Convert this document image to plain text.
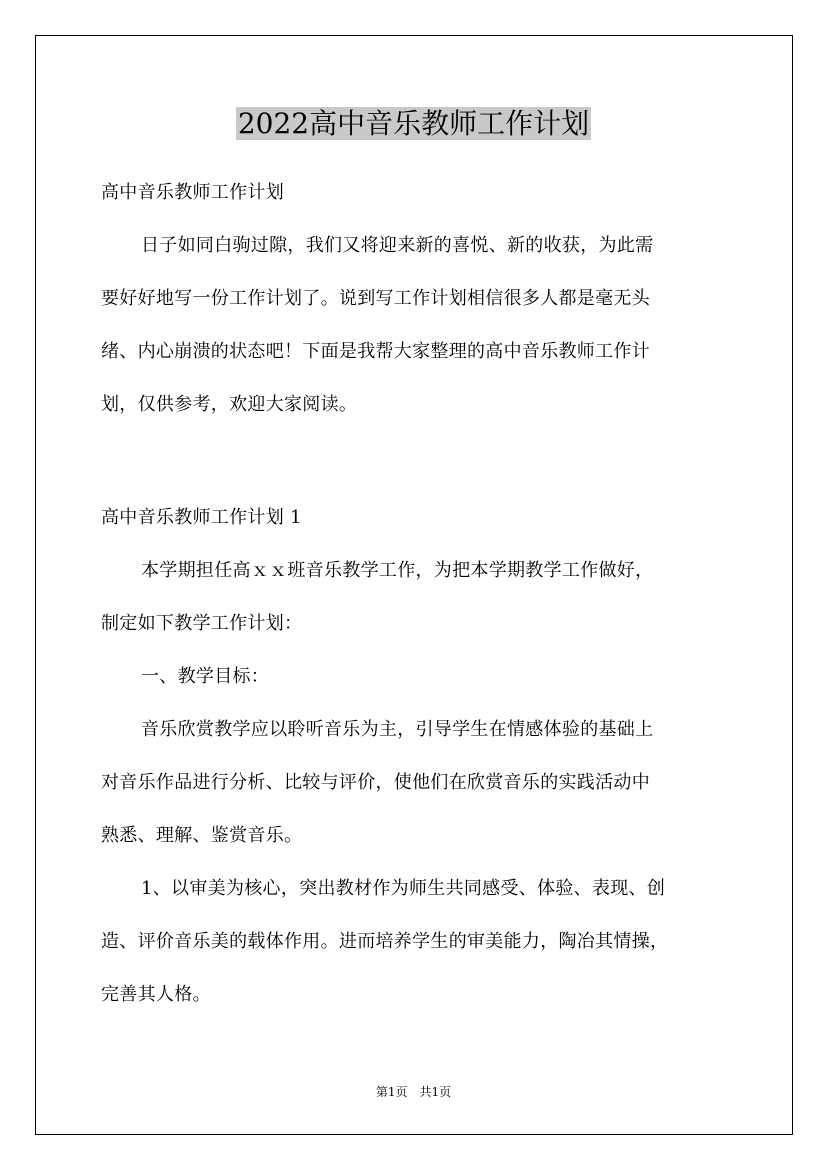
2022高中音乐教师工作计划
高中音乐教师工作计划
日子如同白驹过隙，我们又将迎来新的喜悦、新的收获，为此需
要好好地写一份工作计划了。说到写工作计划相信很多人都是毫无头
绪、内心崩溃的状态吧！下面是我帮大家整理的高中音乐教师工作计
划，仅供参考，欢迎大家阅读。
高中音乐教师工作计划 1
本学期担任高ｘｘ班音乐教学工作，为把本学期教学工作做好，
制定如下教学工作计划：
一、教学目标：
音乐欣赏教学应以聆听音乐为主，引导学生在情感体验的基础上
对音乐作品进行分析、比较与评价，使他们在欣赏音乐的实践活动中
熟悉、理解、鉴赏音乐。
1、以审美为核心，突出教材作为师生共同感受、体验、表现、创
造、评价音乐美的载体作用。进而培养学生的审美能力，陶冶其情操，
完善其人格。
第1页　共1页
